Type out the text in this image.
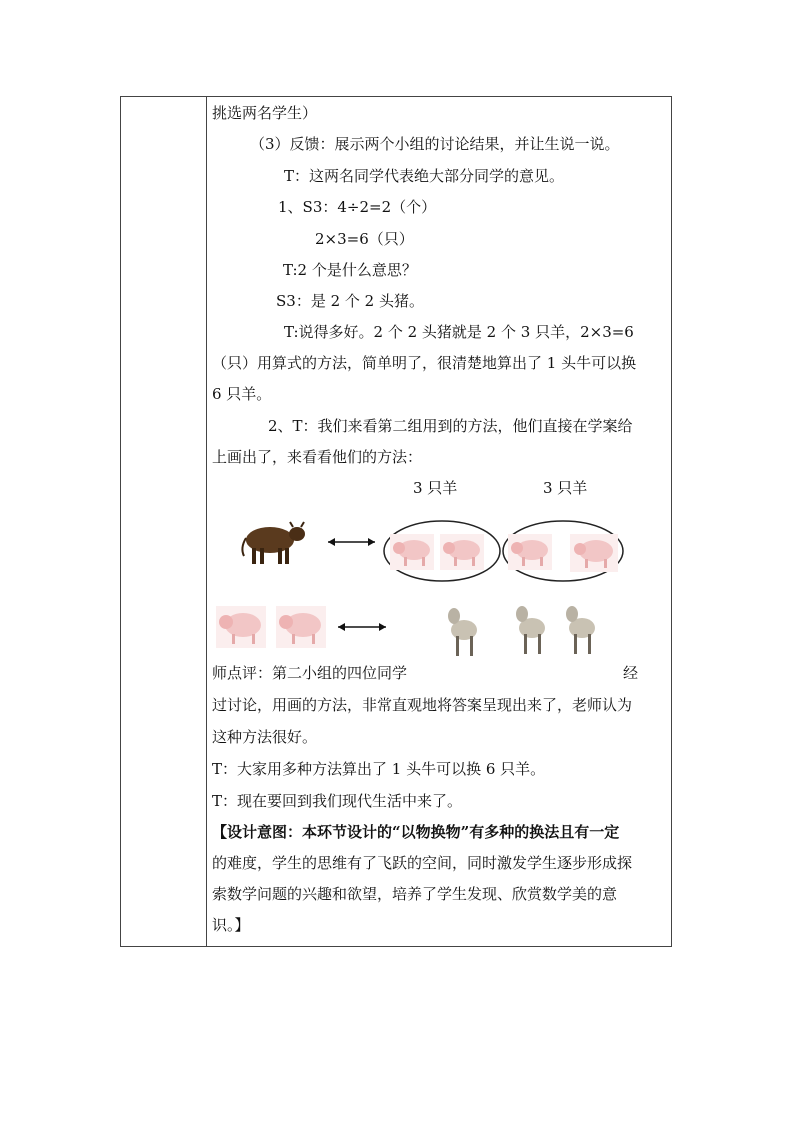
挑选两名学生）
（3）反馈：展示两个小组的讨论结果，并让生说一说。
T：这两名同学代表绝大部分同学的意见。
1、S3：4÷2=2（个）
2×3=6（只）
T:2 个是什么意思？
S3：是 2 个 2 头猪。
T:说得多好。2 个 2 头猪就是 2 个 3 只羊，2×3=6
（只）用算式的方法，简单明了，很清楚地算出了 1 头牛可以换
6 只羊。
2、T：我们来看第二组用到的方法，他们直接在学案给
上画出了，来看看他们的方法：
3 只羊	3 只羊
师点评：第二小组的四位同学	经
过讨论，用画的方法，非常直观地将答案呈现出来了，老师认为
这种方法很好。
T：大家用多种方法算出了 1 头牛可以换 6 只羊。
T：现在要回到我们现代生活中来了。
【设计意图：本环节设计的“以物换物”有多种的换法且有一定
的难度，学生的思维有了飞跃的空间，同时激发学生逐步形成探
索数学问题的兴趣和欲望，培养了学生发现、欣赏数学美的意
识。】
